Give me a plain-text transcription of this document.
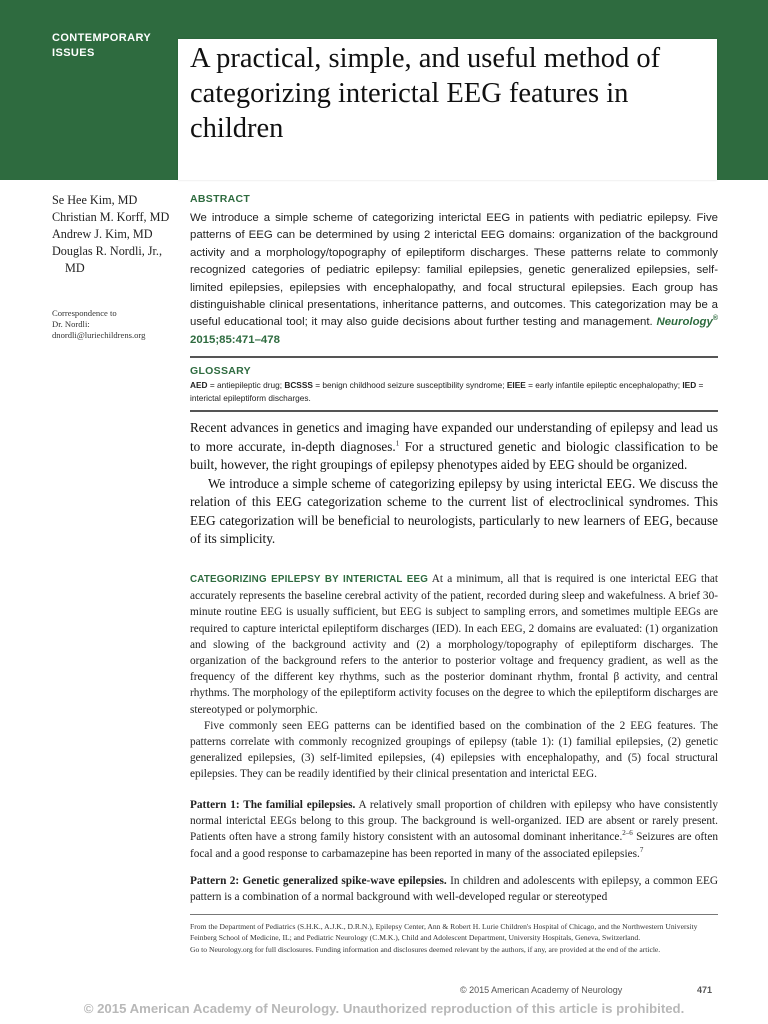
CONTEMPORARY ISSUES	A practical, simple, and useful method of categorizing interictal EEG features in children

Se Hee Kim, MD

Christian M. Korff, MD

Andrew J. Kim, MD

Douglas R. Nordli, Jr.,

MD

Correspondence to
Dr. Nordli:
dnordli@luriechildrens.org
ABSTRACT

We introduce a simple scheme of categorizing interictal EEG in patients with pediatric epilepsy. Five patterns of EEG can be determined by using 2 interictal EEG domains: organization of the background activity and a morphology/topography of epileptiform discharges. These patterns relate to commonly recognized categories of pediatric epilepsy: familial epilepsies, genetic generalized epilepsies, self-limited epilepsies, epilepsies with encephalopathy, and focal structural epilepsies. Each group has distinguishable clinical presentations, inheritance patterns, and outcomes. This categorization may be a useful educational tool; it may also guide decisions about further testing and management. Neurology® 2015;85:471–478

GLOSSARY

AED = antiepileptic drug; BCSSS = benign childhood seizure susceptibility syndrome; EIEE = early infantile epileptic encephalopathy; IED = interictal epileptiform discharges.

Recent advances in genetics and imaging have expanded our understanding of epilepsy and lead us to more accurate, in-depth diagnoses.$^1$ For a structured genetic and biologic classification to be built, however, the right groupings of epilepsy phenotypes aided by EEG should be organized.

We introduce a simple scheme of categorizing epilepsy by using interictal EEG. We discuss the relation of this EEG categorization scheme to the current list of electroclinical syndromes. This EEG categorization will be beneficial to neurologists, particularly to new learners of EEG, because of its simplicity.

CATEGORIZING EPILEPSY BY INTERICTAL EEG At a minimum, all that is required is one interictal EEG that accurately represents the baseline cerebral activity of the patient, recorded during sleep and wakefulness. A brief 30-minute routine EEG is usually sufficient, but EEG is subject to sampling errors, and sometimes multiple EEGs are required to capture interictal epileptiform discharges (IED). In each EEG, 2 domains are evaluated: (1) organization and slowing of the background activity and (2) a morphology/topography of epileptiform discharges. The organization of the background refers to the anterior to posterior voltage and frequency gradient, as well as the frequency of the different key rhythms, such as the posterior dominant rhythm, frontal β activity, and central rhythms. The morphology of the epileptiform activity focuses on the degree to which the epileptiform discharges are stereotyped or polymorphic.

Five commonly seen EEG patterns can be identified based on the combination of the 2 EEG features. The patterns correlate with commonly recognized groupings of epilepsy (table 1): (1) familial epilepsies, (2) genetic generalized epilepsies, (3) self-limited epilepsies, (4) epilepsies with encephalopathy, and (5) focal structural epilepsies. They can be readily identified by their clinical presentation and interictal EEG.

Pattern 1: The familial epilepsies. A relatively small proportion of children with epilepsy who have consistently normal interictal EEGs belong to this group. The background is well-organized. IED are absent or rarely present. Patients often have a strong family history consistent with an autosomal dominant inheritance.$^{2-6}$ Seizures are often focal and a good response to carbamazepine has been reported in many of the associated epilepsies.$^7$

Pattern 2: Genetic generalized spike-wave epilepsies. In children and adolescents with epilepsy, a common EEG pattern is a combination of a normal background with well-developed regular or stereotyped

From the Department of Pediatrics (S.H.K., A.J.K., D.R.N.), Epilepsy Center, Ann & Robert H. Lurie Children's Hospital of Chicago, and the Northwestern University Feinberg School of Medicine, IL; and Pediatric Neurology (C.M.K.), Child and Adolescent Department, University Hospitals, Geneva, Switzerland.

Go to Neurology.org for full disclosures. Funding information and disclosures deemed relevant by the authors, if any, are provided at the end of the article.

© 2015 American Academy of Neurology	471
© 2015 American Academy of Neurology. Unauthorized reproduction of this article is prohibited.
